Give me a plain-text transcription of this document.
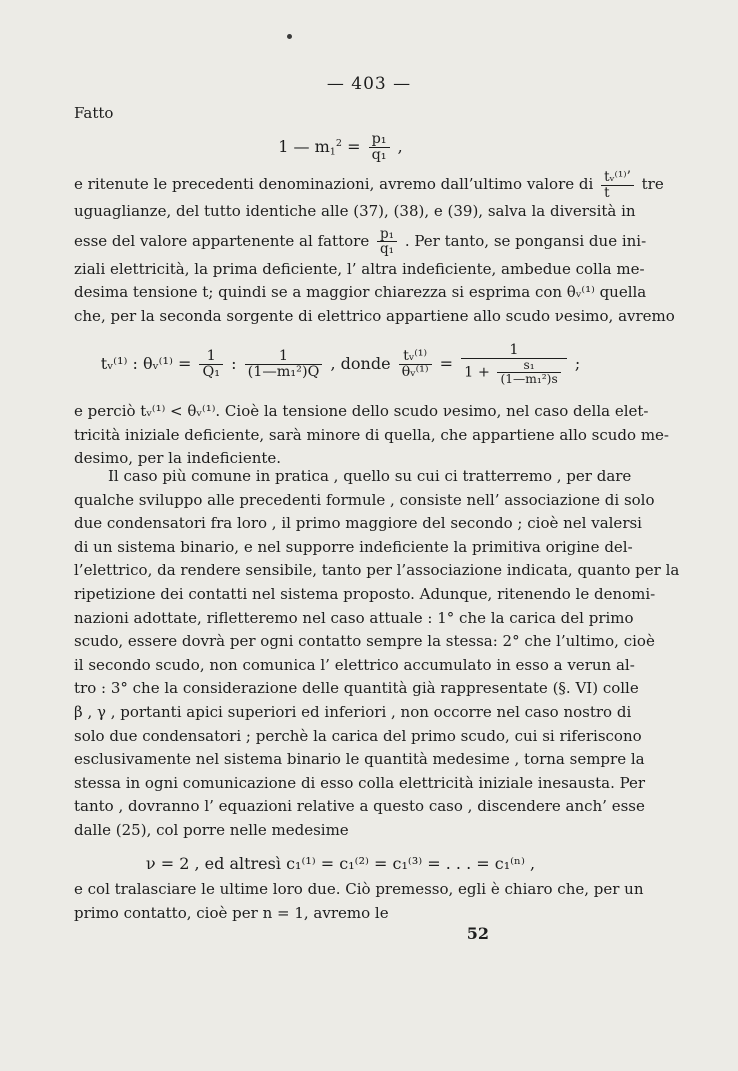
— 403 —
Fatto
1 — $m_1^2 = \frac{\text{p₁}}{\text{q₁}}$ ,
e ritenute le precedenti denominazioni, avremo dall’ultimo valore di $\frac{\text{tᵥ⁽¹⁾’}}{t}$ tre
uguaglianze, del tutto identiche alle (37), (38), e (39), salva la diversità in
esse del valore appartenente al fattore $\frac{\text{p₁}}{\text{q₁}}$ . Per tanto, se pongansi due ini-
ziali elettricità, la prima deficiente, l’ altra indeficiente, ambedue colla me-
desima tensione t; quindi se a maggior chiarezza si esprima con θᵥ⁽¹⁾ quella
che, per la seconda sorgente di elettrico appartiene allo scudo νesimo, avremo
tᵥ⁽¹⁾ : θᵥ⁽¹⁾ = $\frac{1}{\text{Q₁}}$ : $\frac{1}{\text{(1—m₁²)Q}}$ , donde $\frac{\text{tᵥ⁽¹⁾}}{\text{θᵥ⁽¹⁾}} = \frac{1}{1 + \frac{\text{s₁}}{\text{(1—m₁²)s}}}$ ;
e perciò tᵥ⁽¹⁾ < θᵥ⁽¹⁾. Cioè la tensione dello scudo νesimo, nel caso della elet-
tricità iniziale deficiente, sarà minore di quella, che appartiene allo scudo me-
desimo, per la indeficiente.
Il caso più comune in pratica , quello su cui ci tratterremo , per dare
qualche sviluppo alle precedenti formule , consiste nell’ associazione di solo
due condensatori fra loro , il primo maggiore del secondo ; cioè nel valersi
di un sistema binario, e nel supporre indeficiente la primitiva origine del-
l’elettrico, da rendere sensibile, tanto per l’associazione indicata, quanto per la
ripetizione dei contatti nel sistema proposto. Adunque, ritenendo le denomi-
nazioni adottate, rifletteremo nel caso attuale : 1° che la carica del primo
scudo, essere dovrà per ogni contatto sempre la stessa: 2° che l’ultimo, cioè
il secondo scudo, non comunica l’ elettrico accumulato in esso a verun al-
tro : 3° che la considerazione delle quantità già rappresentate (§. VI) colle
β , γ , portanti apici superiori ed inferiori , non occorre nel caso nostro di
solo due condensatori ; perchè la carica del primo scudo, cui si riferiscono
esclusivamente nel sistema binario le quantità medesime , torna sempre la
stessa in ogni comunicazione di esso colla elettricità iniziale inesausta. Per
tanto , dovranno l’ equazioni relative a questo caso , discendere anch’ esse
dalle (25), col porre nelle medesime
ν = 2 , ed altresì c₁⁽¹⁾ = c₁⁽²⁾ = c₁⁽³⁾ = . . . = c₁⁽ⁿ⁾ ,
e col tralasciare le ultime loro due. Ciò premesso, egli è chiaro che, per un
primo contatto, cioè per n = 1, avremo le
52
